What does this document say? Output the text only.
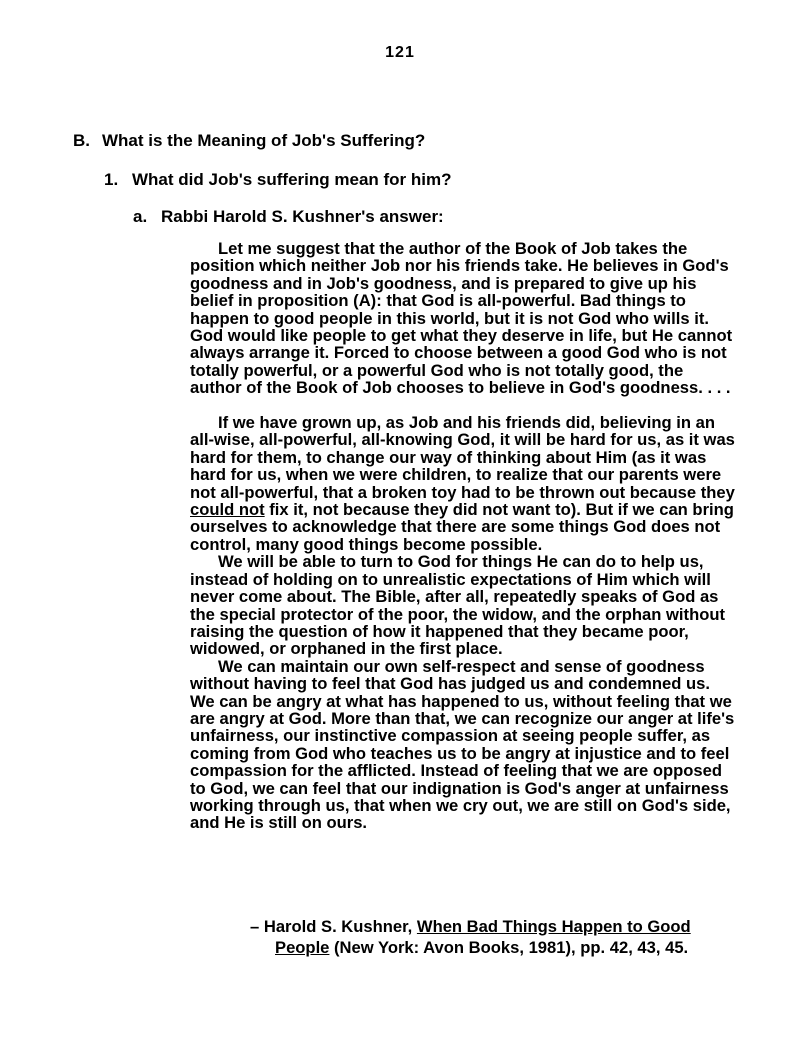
121
B. What is the Meaning of Job's Suffering?
1. What did Job's suffering mean for him?
a. Rabbi Harold S. Kushner's answer:

Let me suggest that the author of the Book of Job takes the position which neither Job nor his friends take. He believes in God's goodness and in Job's goodness, and is prepared to give up his belief in proposition (A): that God is all-powerful. Bad things to happen to good people in this world, but it is not God who wills it. God would like people to get what they deserve in life, but He cannot always arrange it. Forced to choose between a good God who is not totally powerful, or a powerful God who is not totally good, the author of the Book of Job chooses to believe in God's goodness. . . .

If we have grown up, as Job and his friends did, believing in an all-wise, all-powerful, all-knowing God, it will be hard for us, as it was hard for them, to change our way of thinking about Him (as it was hard for us, when we were children, to realize that our parents were not all-powerful, that a broken toy had to be thrown out because they could not fix it, not because they did not want to). But if we can bring ourselves to acknowledge that there are some things God does not control, many good things become possible.

We will be able to turn to God for things He can do to help us, instead of holding on to unrealistic expectations of Him which will never come about. The Bible, after all, repeatedly speaks of God as the special protector of the poor, the widow, and the orphan without raising the question of how it happened that they became poor, widowed, or orphaned in the first place.

We can maintain our own self-respect and sense of goodness without having to feel that God has judged us and condemned us. We can be angry at what has happened to us, without feeling that we are angry at God. More than that, we can recognize our anger at life's unfairness, our instinctive compassion at seeing people suffer, as coming from God who teaches us to be angry at injustice and to feel compassion for the afflicted. Instead of feeling that we are opposed to God, we can feel that our indignation is God's anger at unfairness working through us, that when we cry out, we are still on God's side, and He is still on ours.

– Harold S. Kushner, When Bad Things Happen to Good
People (New York: Avon Books, 1981), pp. 42, 43, 45.
